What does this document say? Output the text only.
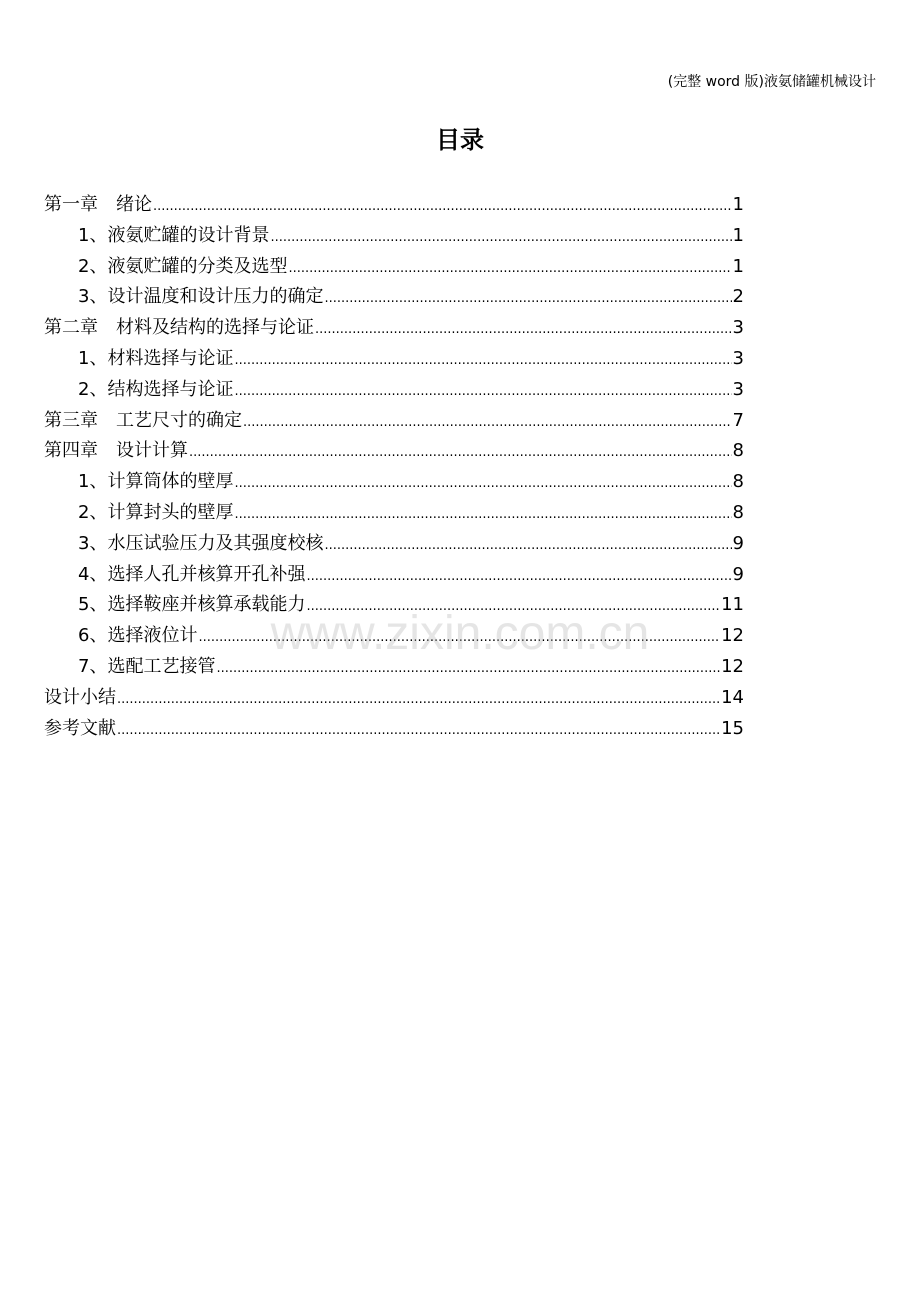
(完整 word 版)液氨储罐机械设计
目录
第一章　绪论 .....	1
1、液氨贮罐的设计背景 .....	1
2、液氨贮罐的分类及选型 .....	1
3、设计温度和设计压力的确定 .....	2
第二章　材料及结构的选择与论证 .....	3
1、材料选择与论证 .....	3
2、结构选择与论证 .....	3
第三章　工艺尺寸的确定 .....	7
第四章　设计计算 .....	8
1、计算筒体的壁厚 .....	8
2、计算封头的壁厚 .....	8
3、水压试验压力及其强度校核 .....	9
4、选择人孔并核算开孔补强 .....	9
5、选择鞍座并核算承载能力 .....	11
6、选择液位计 .....	12
7、选配工艺接管 .....	12
设计小结 .....	14
参考文献 .....	15
www.zixin.com.cn
